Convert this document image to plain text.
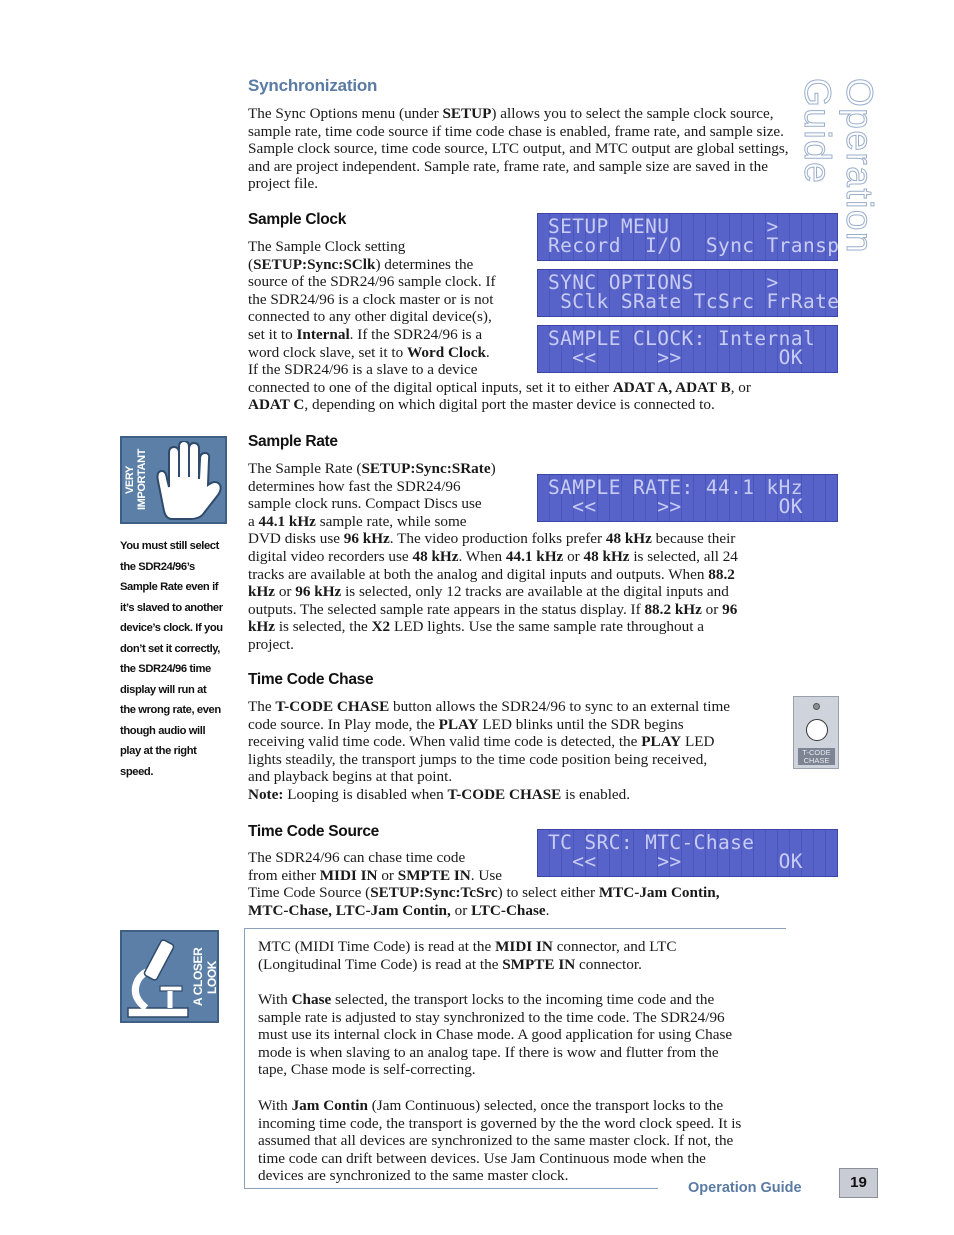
Operation Guide
Synchronization

The Sync Options menu (under SETUP) allows you to select the sample clock source, sample rate, time code source if time code chase is enabled, frame rate, and sample size. Sample clock source, time code source, LTC output, and MTC output are global settings, and are project independent. Sample rate, frame rate, and sample size are saved in the project file.

Sample Clock
The Sample Clock setting
(SETUP:Sync:SClk) determines the
source of the SDR24/96 sample clock. If
the SDR24/96 is a clock master or is not
connected to any other digital device(s),
set it to Internal. If the SDR24/96 is a
word clock slave, set it to Word Clock.
If the SDR24/96 is a slave to a device
connected to one of the digital optical inputs, set it to either ADAT A, ADAT B, or
ADAT C, depending on which digital port the master device is connected to.
SETUP MENU        >
Record  I/O  Sync Transp
SYNC OPTIONS      >
SClk SRate TcSrc FrRate
SAMPLE CLOCK: Internal
<<     >>        OK
VERY IMPORTANT
You must still select
the SDR24/96’s
Sample Rate even if
it’s slaved to another
device’s clock. If you
don’t set it correctly,
the SDR24/96 time
display will run at
the wrong rate, even
though audio will
play at the right
speed.
Sample Rate
The Sample Rate (SETUP:Sync:SRate)
determines how fast the SDR24/96
sample clock runs. Compact Discs use
a 44.1 kHz sample rate, while some
DVD disks use 96 kHz. The video production folks prefer 48 kHz because their
digital video recorders use 48 kHz. When 44.1 kHz or 48 kHz is selected, all 24
tracks are available at both the analog and digital inputs and outputs. When 88.2
kHz or 96 kHz is selected, only 12 tracks are available at the digital inputs and
outputs. The selected sample rate appears in the status display. If 88.2 kHz or 96
kHz is selected, the X2 LED lights. Use the same sample rate throughout a
project.
SAMPLE RATE: 44.1 kHz
<<     >>        OK
Time Code Chase
The T-CODE CHASE button allows the SDR24/96 to sync to an external time
code source. In Play mode, the PLAY LED blinks until the SDR begins
receiving valid time code. When valid time code is detected, the PLAY LED
lights steadily, the transport jumps to the time code position being received,
and playback begins at that point.
Note: Looping is disabled when T-CODE CHASE is enabled.
T-CODE CHASE
Time Code Source
The SDR24/96 can chase time code
from either MIDI IN or SMPTE IN. Use
Time Code Source (SETUP:Sync:TcSrc) to select either MTC-Jam Contin,
MTC-Chase, LTC-Jam Contin, or LTC-Chase.
TC SRC: MTC-Chase
<<     >>        OK
A CLOSER LOOK
MTC (MIDI Time Code) is read at the MIDI IN connector, and LTC
(Longitudinal Time Code) is read at the SMPTE IN connector.
With Chase selected, the transport locks to the incoming time code and the
sample rate is adjusted to stay synchronized to the time code. The SDR24/96
must use its internal clock in Chase mode. A good application for using Chase
mode is when slaving to an analog tape. If there is wow and flutter from the
tape, Chase mode is self-correcting.
With Jam Contin (Jam Continuous) selected, once the transport locks to the
incoming time code, the transport is governed by the the word clock speed. It is
assumed that all devices are synchronized to the same master clock. If not, the
time code can drift between devices. Use Jam Continuous mode when the
devices are synchronized to the same master clock.
Operation Guide	19
